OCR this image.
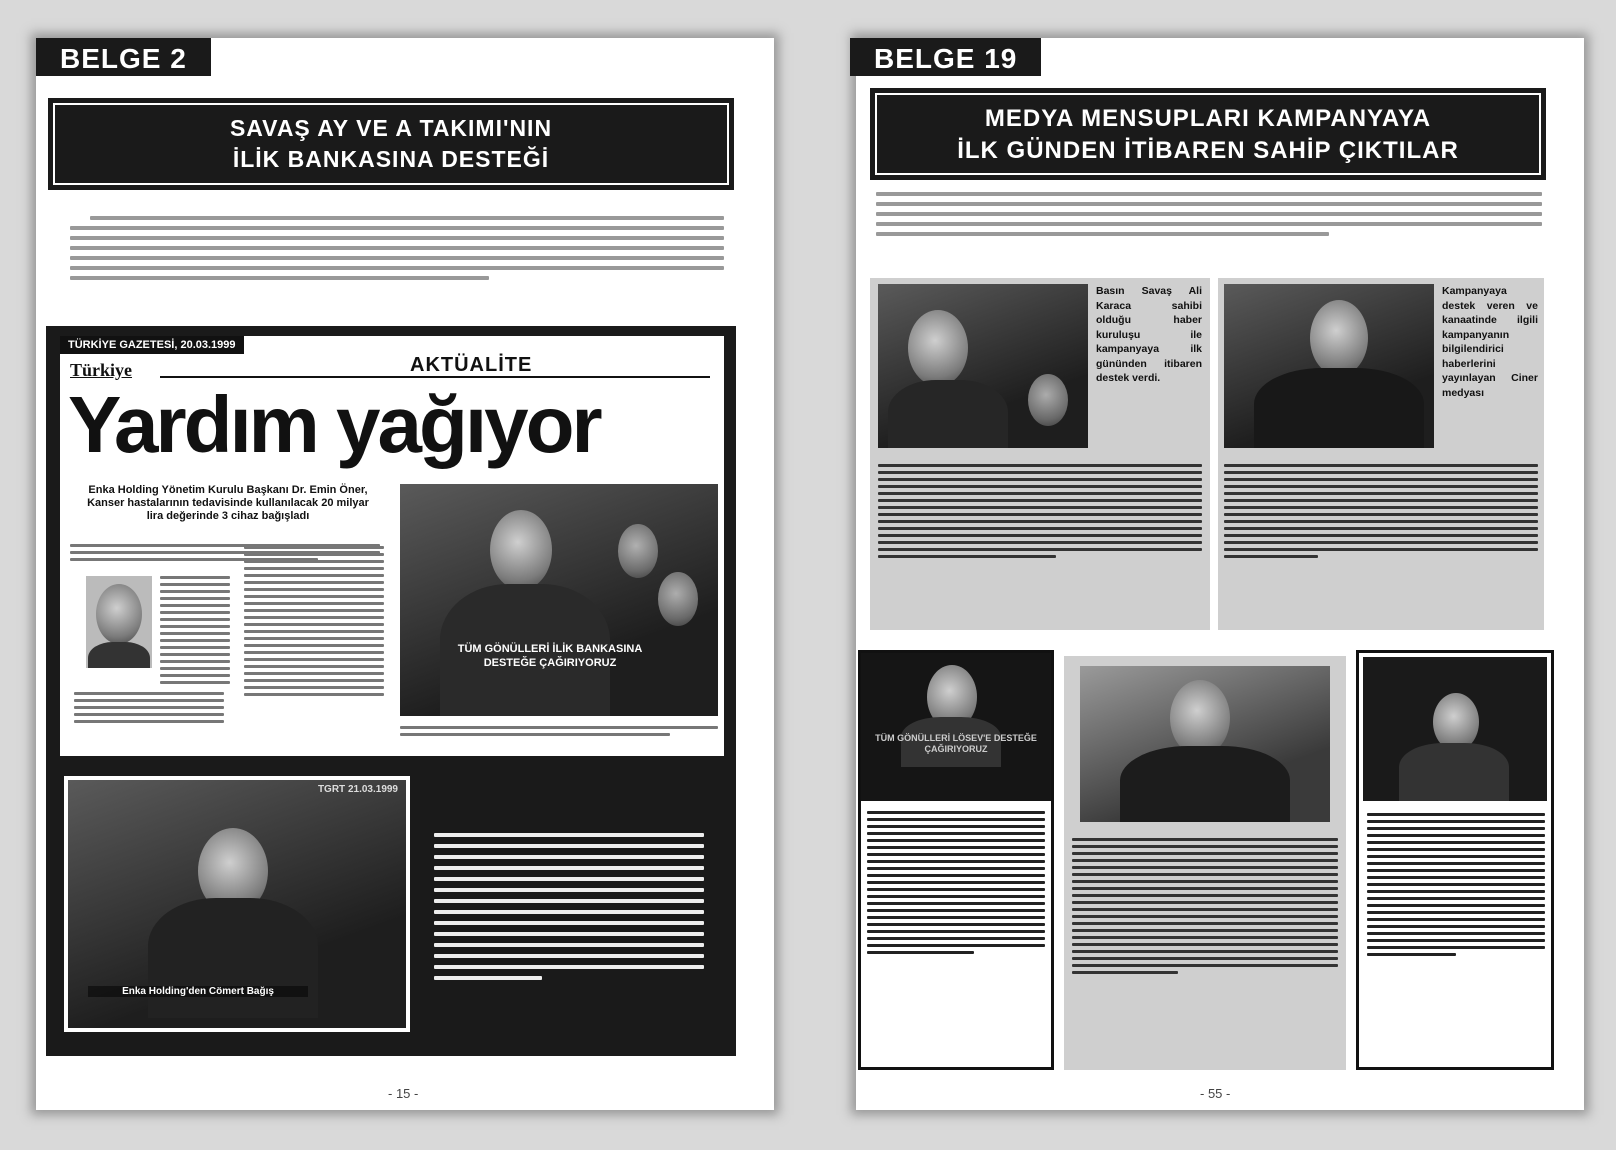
BELGE 2
SAVAŞ AY VE A TAKIMI'NIN
İLİK BANKASINA DESTEĞİ
TÜRKİYE GAZETESİ, 20.03.1999
Türkiye	AKTÜALİTE
Yardım yağıyor
Enka Holding Yönetim Kurulu Başkanı Dr. Emin Öner, Kanser hastalarının tedavisinde kullanılacak 20 milyar lira değerinde 3 cihaz bağışladı
TÜM GÖNÜLLERİ İLİK BANKASINA DESTEĞE ÇAĞIRIYORUZ
TGRT 21.03.1999
Enka Holding'den Cömert Bağış
- 15 -
BELGE 19
MEDYA MENSUPLARI KAMPANYAYA
İLK GÜNDEN İTİBAREN SAHİP ÇIKTILAR
Basın Savaş Ali Karaca sahibi olduğu haber kuruluşu ile kampanyaya ilk gününden itibaren destek verdi.
Kampanyaya destek veren ve kanaatinde ilgili kampanyanın bilgilendirici haberlerini yayınlayan Ciner medyası
TÜM GÖNÜLLERİ LÖSEV'E DESTEĞE ÇAĞIRIYORUZ
- 55 -
